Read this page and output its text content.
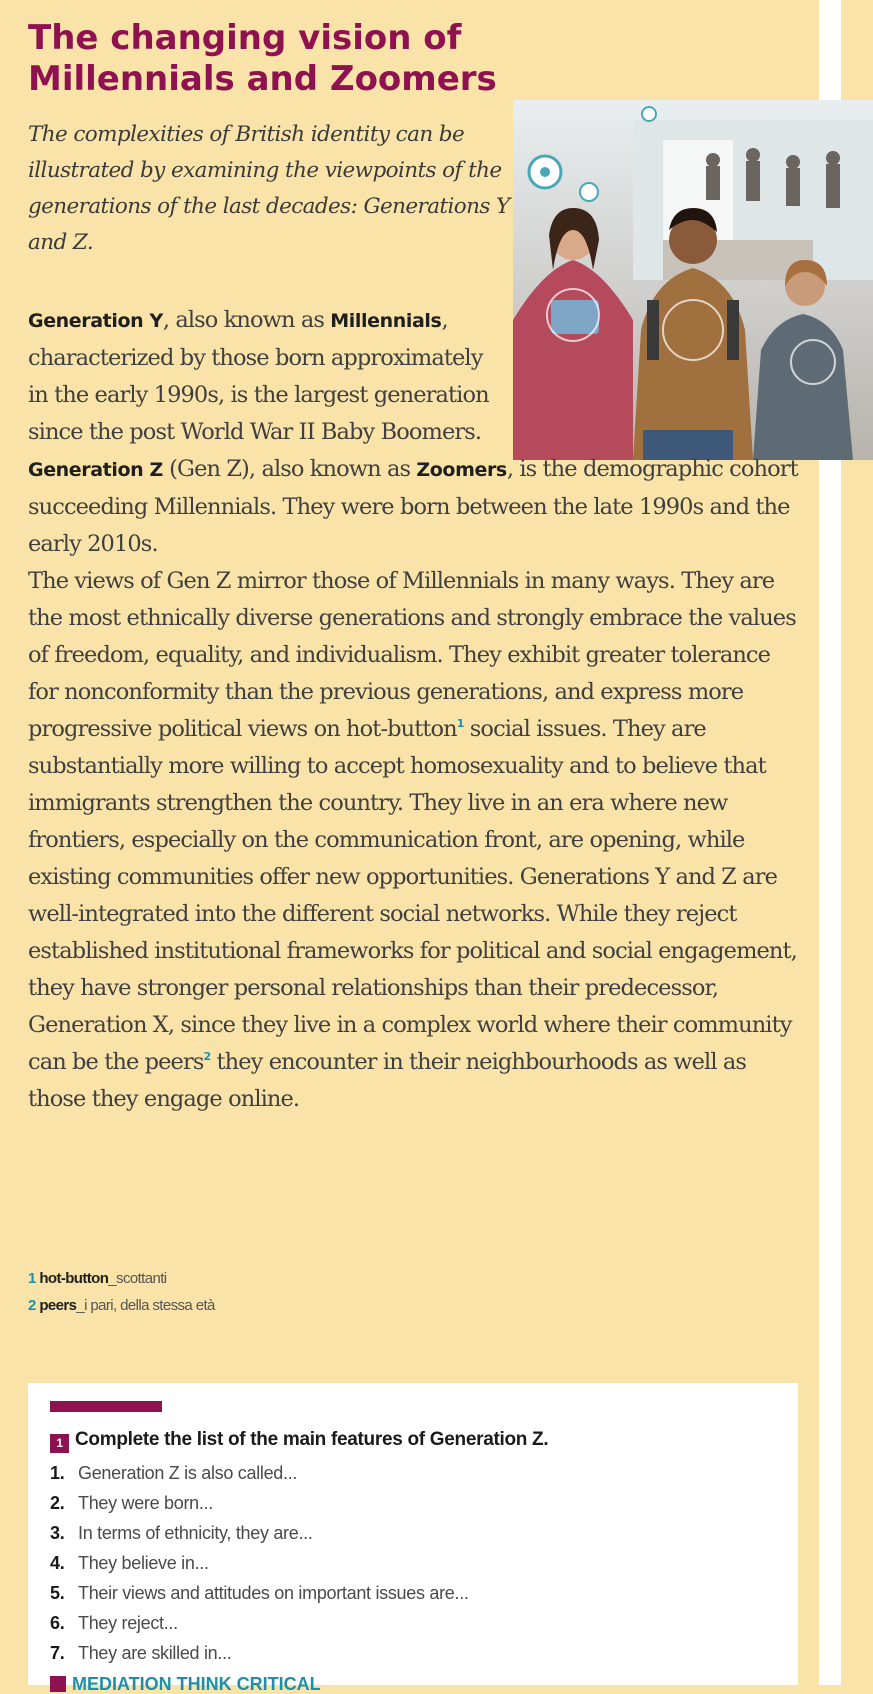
The changing vision of Millennials and Zoomers

The complexities of British identity can be illustrated by examining the viewpoints of the generations of the last decades: Generations Y and Z.

Generation Y, also known as Millennials, characterized by those born approximately in the early 1990s, is the largest generation since the post World War II Baby Boomers.

Generation Z (Gen Z), also known as Zoomers, is the demographic cohort succeeding Millennials. They were born between the late 1990s and the early 2010s.

The views of Gen Z mirror those of Millennials in many ways. They are the most ethnically diverse generations and strongly embrace the values of freedom, equality, and individualism. They exhibit greater tolerance for nonconformity than the previous generations, and express more progressive political views on hot-button$^1$ social issues. They are substantially more willing to accept homosexuality and to believe that immigrants strengthen the country. They live in an era where new frontiers, especially on the communication front, are opening, while existing communities offer new opportunities. Generations Y and Z are well-integrated into the different social networks. While they reject established institutional frameworks for political and social engagement, they have stronger personal relationships than their predecessor, Generation X, since they live in a complex world where their community can be the peers$^2$ they encounter in their neighbourhoods as well as those they engage online.

1 hot-button_scottanti
2 peers_i pari, della stessa età

1 Complete the list of the main features of Generation Z.

1. Generation Z is also called...
2. They were born...
3. In terms of ethnicity, they are...
4. They believe in...
5. Their views and attitudes on important issues are...
6. They reject...
7. They are skilled in...
MEDIATION THINK CRITICAL
